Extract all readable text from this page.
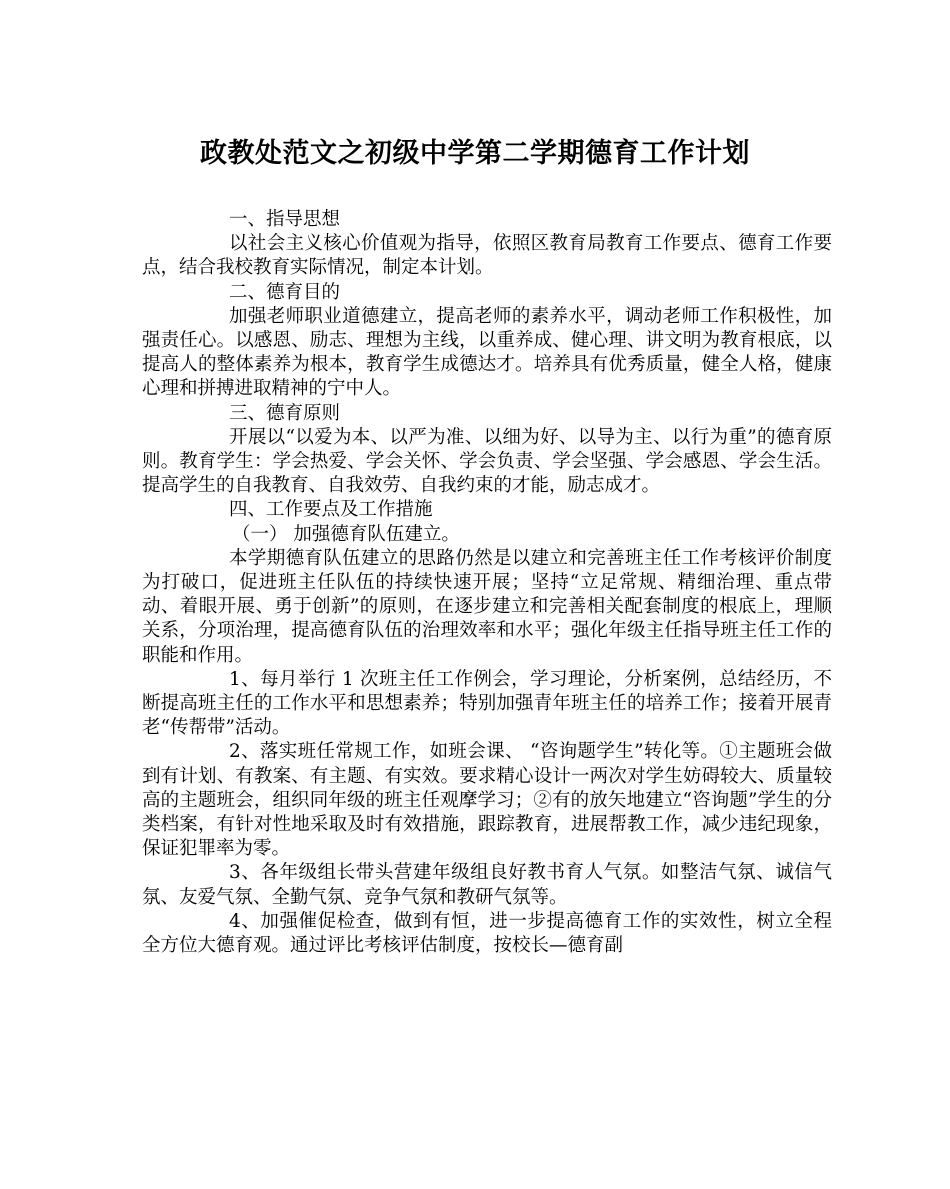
政教处范文之初级中学第二学期德育工作计划

一、指导思想

以社会主义核心价值观为指导，依照区教育局教育工作要点、德育工作要点，结合我校教育实际情况，制定本计划。

二、德育目的

加强老师职业道德建立，提高老师的素养水平，调动老师工作积极性，加强责任心。以感恩、励志、理想为主线，以重养成、健心理、讲文明为教育根底，以提高人的整体素养为根本，教育学生成德达才。培养具有优秀质量，健全人格，健康心理和拼搏进取精神的宁中人。

三、德育原则

开展以“以爱为本、以严为准、以细为好、以导为主、以行为重”的德育原则。教育学生：学会热爱、学会关怀、学会负责、学会坚强、学会感恩、学会生活。提高学生的自我教育、自我效劳、自我约束的才能，励志成才。

四、工作要点及工作措施

（一） 加强德育队伍建立。

本学期德育队伍建立的思路仍然是以建立和完善班主任工作考核评价制度为打破口，促进班主任队伍的持续快速开展；坚持“立足常规、精细治理、重点带动、着眼开展、勇于创新”的原则，在逐步建立和完善相关配套制度的根底上，理顺关系，分项治理，提高德育队伍的治理效率和水平；强化年级主任指导班主任工作的职能和作用。

1、每月举行 1 次班主任工作例会，学习理论，分析案例，总结经历，不断提高班主任的工作水平和思想素养；特别加强青年班主任的培养工作；接着开展青老“传帮带”活动。

2、落实班任常规工作，如班会课、 “咨询题学生”转化等。①主题班会做到有计划、有教案、有主题、有实效。要求精心设计一两次对学生妨碍较大、质量较高的主题班会，组织同年级的班主任观摩学习；②有的放矢地建立“咨询题”学生的分类档案，有针对性地采取及时有效措施，跟踪教育，进展帮教工作，减少违纪现象，保证犯罪率为零。

3、各年级组长带头营建年级组良好教书育人气氛。如整洁气氛、诚信气氛、友爱气氛、全勤气氛、竞争气氛和教研气氛等。

4、加强催促检查，做到有恒，进一步提高德育工作的实效性，树立全程全方位大德育观。通过评比考核评估制度，按校长—德育副
